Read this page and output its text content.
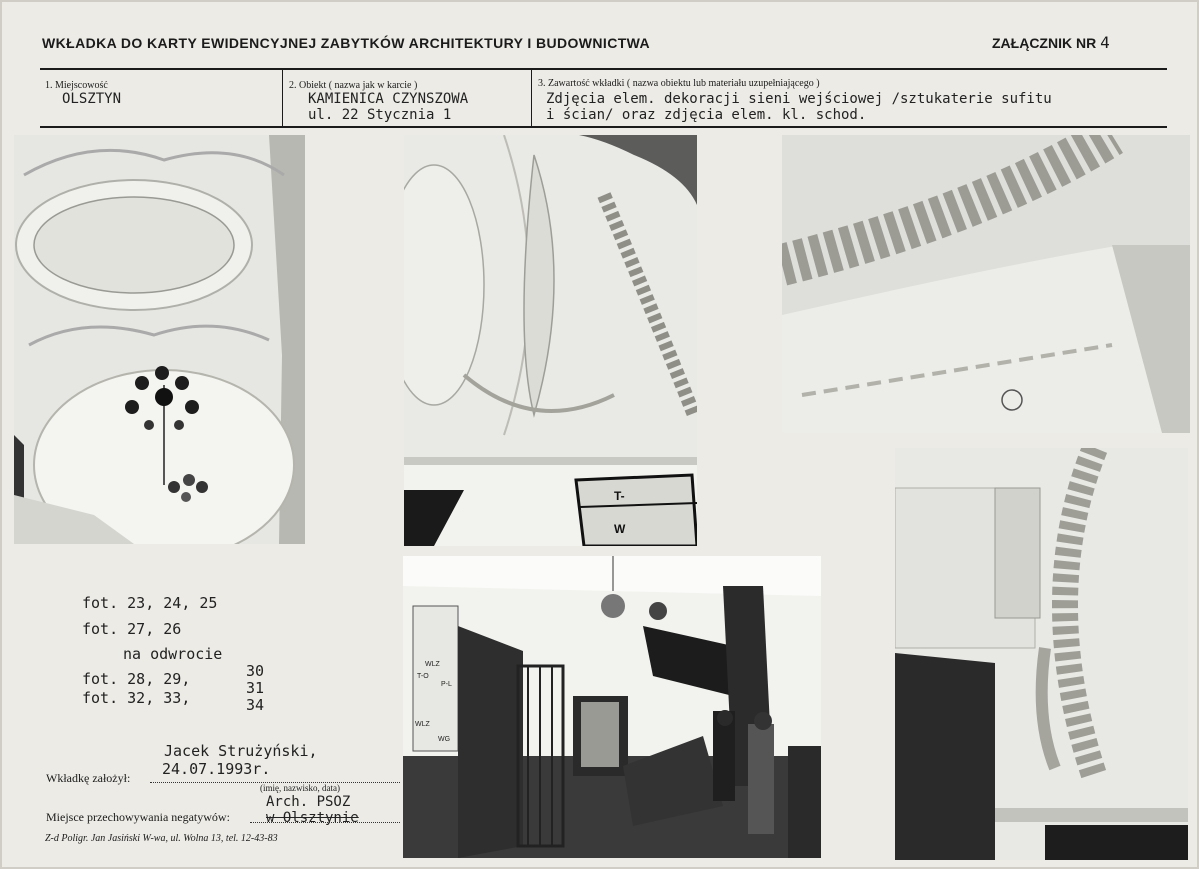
WKŁADKA DO KARTY EWIDENCYJNEJ ZABYTKÓW ARCHITEKTURY I BUDOWNICTWA	ZAŁĄCZNIK NR 4
1. Miejscowość
OLSZTYN
2. Obiekt ( nazwa jak w karcie )
KAMIENICA CZYNSZOWA
ul. 22 Stycznia 1
3. Zawartość wkładki ( nazwa obiektu lub materiału uzupełniającego )
Zdjęcia elem. dekoracji sieni wejściowej /sztukaterie sufitu
i ścian/ oraz zdjęcia elem. kl. schod.
T-
W
WLZ
T-O
P-L
WLZ
WG
fot. 23, 24, 25
fot. 27, 26
na odwrocie
fot. 28, 29,	30
31
fot. 32, 33,	34
Jacek Strużyński,
24.07.1993r.
Wkładkę założył:
(imię, nazwisko, data)
Arch. PSOZ
Miejsce przechowywania negatywów:	w Olsztynie
Z-d Poligr. Jan Jasiński W-wa, ul. Wolna 13, tel. 12-43-83
